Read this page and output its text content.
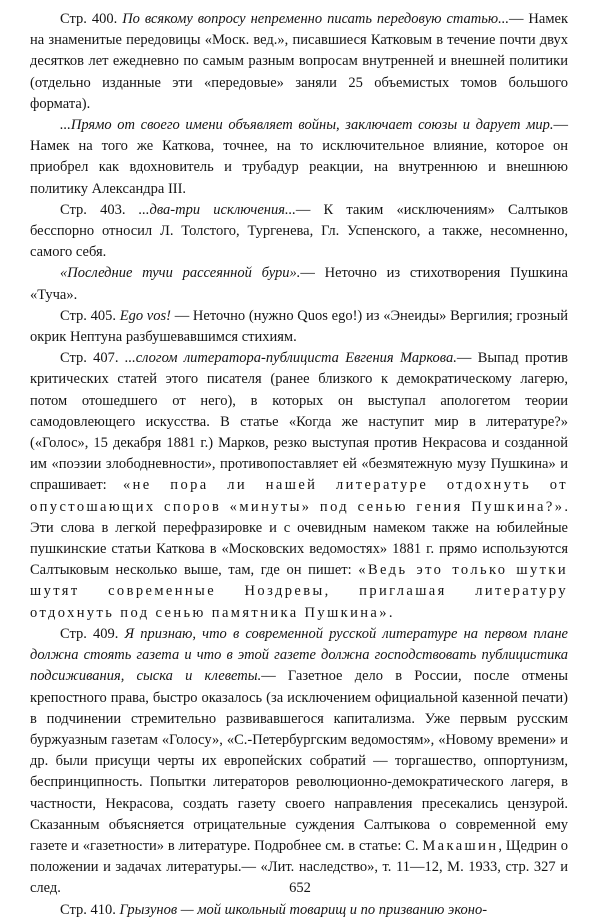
Стр. 400. По всякому вопросу непременно писать передовую статью...— Намек на знаменитые передовицы «Моск. вед.», писавшиеся Катковым в течение почти двух десятков лет ежедневно по самым разным вопросам внутренней и внешней политики (отдельно изданные эти «передовые» заняли 25 объемистых томов большого формата).

...Прямо от своего имени объявляет войны, заключает союзы и дарует мир.— Намек на того же Каткова, точнее, на то исключительное влияние, которое он приобрел как вдохновитель и трубадур реакции, на внутреннюю и внешнюю политику Александра III.

Стр. 403. ...два-три исключения...— К таким «исключениям» Салтыков бесспорно относил Л. Толстого, Тургенева, Гл. Успенского, а также, несомненно, самого себя.

«Последние тучи рассеянной бури».— Неточно из стихотворения Пушкина «Туча».

Стр. 405. Ego vos! — Неточно (нужно Quos ego!) из «Энеиды» Вергилия; грозный окрик Нептуна разбушевавшимся стихиям.

Стр. 407. ...слогом литератора-публициста Евгения Маркова.— Выпад против критических статей этого писателя (ранее близкого к демократическому лагерю, потом отошедшего от него), в которых он выступал апологетом теории самодовлеющего искусства. В статье «Когда же наступит мир в литературе?» («Голос», 15 декабря 1881 г.) Марков, резко выступая против Некрасова и созданной им «поэзии злободневности», противопоставляет ей «безмятежную музу Пушкина» и спрашивает: «не пора ли нашей литературе отдохнуть от опустошающих споров «минуты» под сенью гения Пушкина?». Эти слова в легкой перефразировке и с очевидным намеком также на юбилейные пушкинские статьи Каткова в «Московских ведомостях» 1881 г. прямо используются Салтыковым несколько выше, там, где он пишет: «Ведь это только шутки шутят современные Ноздревы, приглашая литературу отдохнуть под сенью памятника Пушкина».

Стр. 409. Я признаю, что в современной русской литературе на первом плане должна стоять газета и что в этой газете должна господствовать публицистика подсиживания, сыска и клеветы.— Газетное дело в России, после отмены крепостного права, быстро оказалось (за исключением официальной казенной печати) в подчинении стремительно развивавшегося капитализма. Уже первым русским буржуазным газетам «Голосу», «С.-Петербургским ведомостям», «Новому времени» и др. были присущи черты их европейских собратий — торгашество, оппортунизм, беспринципность. Попытки литераторов революционно-демократического лагеря, в частности, Некрасова, создать газету своего направления пресекались цензурой. Сказанным объясняется отрицательные суждения Салтыкова о современной ему газете и «газетности» в литературе. Подробнее см. в статье: С. Макашин, Щедрин о положении и задачах литературы.— «Лит. наследство», т. 11—12, М. 1933, стр. 327 и след.

Стр. 410. Грызунов — мой школьный товарищ и по призванию эконо-

652
